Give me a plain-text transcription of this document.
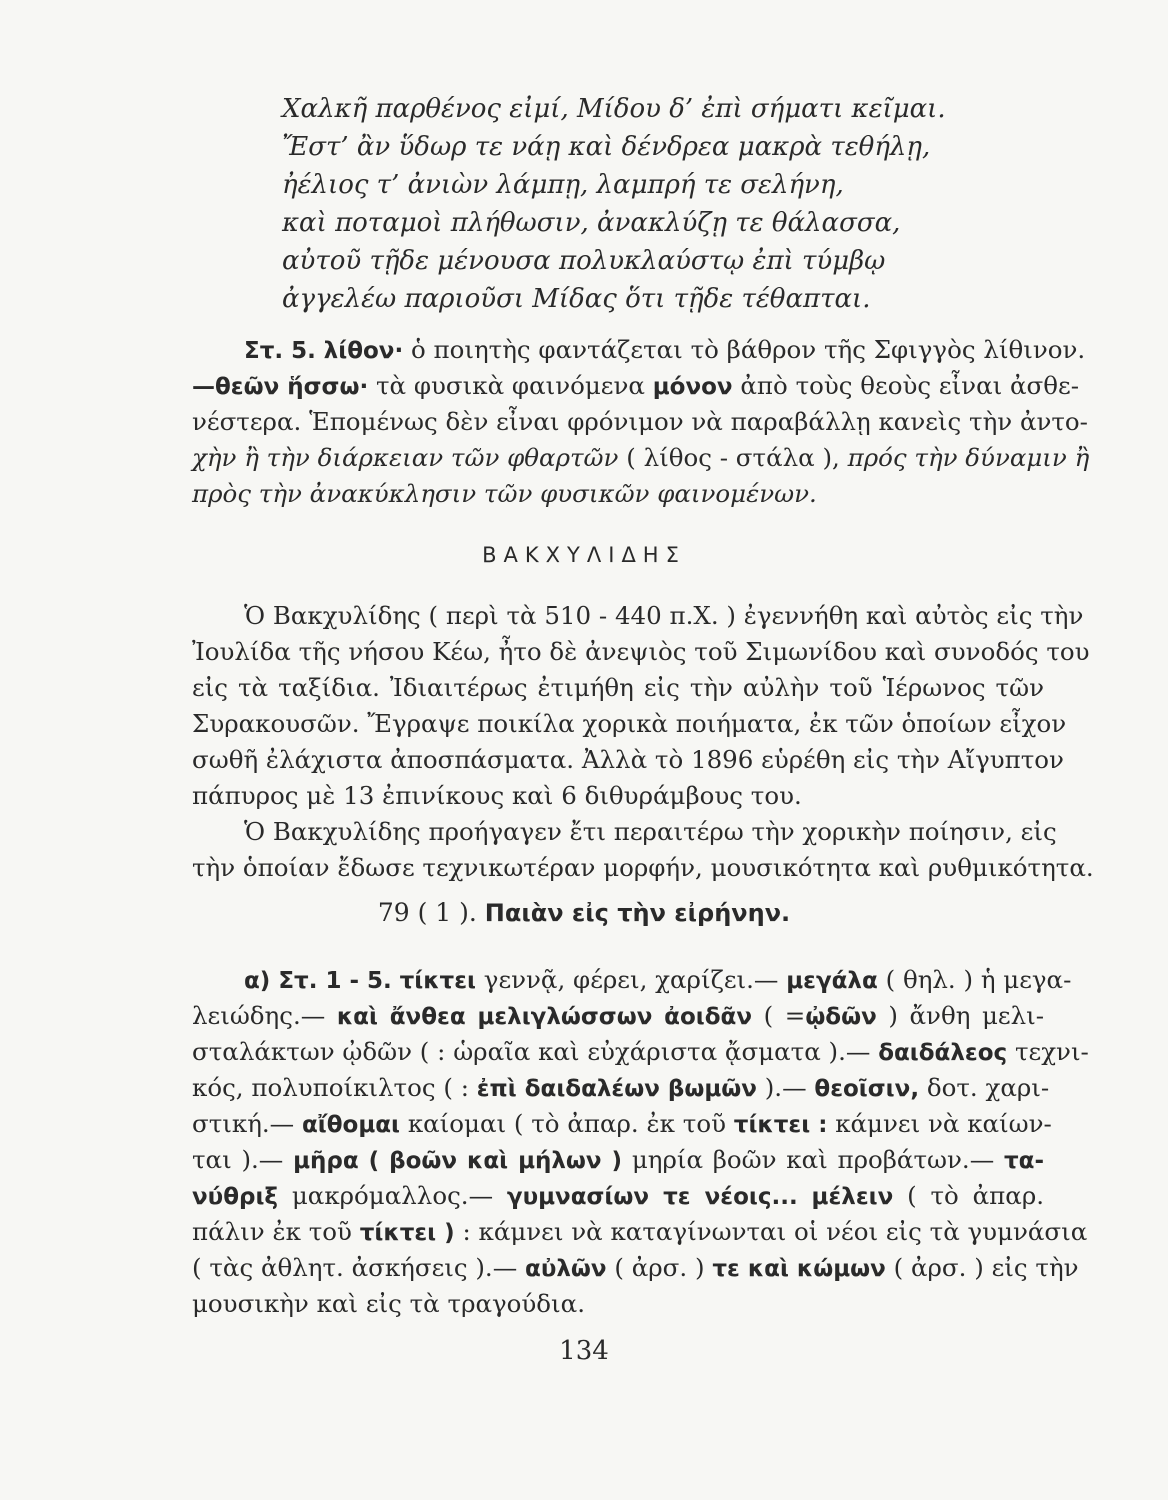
Χαλκῆ παρθένος εἰμί, Μίδου δ’ ἐπὶ σήματι κεῖμαι.
Ἔστ’ ἂν ὕδωρ τε νάῃ καὶ δένδρεα μακρὰ τεθήλῃ,
ἠέλιος τ’ ἀνιὼν λάμπῃ, λαμπρή τε σελήνη,
καὶ ποταμοὶ πλήθωσιν, ἀνακλύζῃ τε θάλασσα,
αὐτοῦ τῇδε μένουσα πολυκλαύστῳ ἐπὶ τύμβῳ
ἀγγελέω παριοῦσι Μίδας ὅτι τῇδε τέθαπται.
Στ. 5. λίθον· ὁ ποιητὴς φαντάζεται τὸ βάθρον τῆς Σφιγγὸς λίθινον.
—θεῶν ἥσσω· τὰ φυσικὰ φαινόμενα μόνον ἀπὸ τοὺς θεοὺς εἶναι ἀσθε-
νέστερα. Ἑπομένως δὲν εἶναι φρόνιμον νὰ παραβάλλῃ κανεὶς τὴν ἀντο-
χὴν ἢ τὴν διάρκειαν τῶν φθαρτῶν ( λίθος - στάλα ), πρός τὴν δύναμιν ἢ
πρὸς τὴν ἀνακύκλησιν τῶν φυσικῶν φαινομένων.
ΒΑΚΧΥΛΙΔΗΣ
Ὁ Βακχυλίδης ( περὶ τὰ 510 - 440 π.Χ. ) ἐγεννήθη καὶ αὐτὸς εἰς τὴν
Ἰουλίδα τῆς νήσου Κέω, ἦτο δὲ ἀνεψιὸς τοῦ Σιμωνίδου καὶ συνοδός του
εἰς τὰ ταξίδια. Ἰδιαιτέρως ἐτιμήθη εἰς τὴν αὐλὴν τοῦ Ἱέρωνος τῶν
Συρακουσῶν. Ἔγραψε ποικίλα χορικὰ ποιήματα, ἐκ τῶν ὁποίων εἶχον
σωθῆ ἐλάχιστα ἀποσπάσματα. Ἀλλὰ τὸ 1896 εὑρέθη εἰς τὴν Αἴγυπτον
πάπυρος μὲ 13 ἐπινίκους καὶ 6 διθυράμβους του.
Ὁ Βακχυλίδης προήγαγεν ἔτι περαιτέρω τὴν χορικὴν ποίησιν, εἰς
τὴν ὁποίαν ἔδωσε τεχνικωτέραν μορφήν, μουσικότητα καὶ ρυθμικότητα.
79 ( 1 ). Παιὰν εἰς τὴν εἰρήνην.
α) Στ. 1 - 5. τίκτει γεννᾷ, φέρει, χαρίζει.— μεγάλα ( θηλ. ) ἡ μεγα-
λειώδης.— καὶ ἄνθεα μελιγλώσσων ἀοιδᾶν ( =ᾠδῶν ) ἄνθη μελι-
σταλάκτων ᾠδῶν ( : ὡραῖα καὶ εὐχάριστα ᾄσματα ).— δαιδάλεος τεχνι-
κός, πολυποίκιλτος ( : ἐπὶ δαιδαλέων βωμῶν ).— θεοῖσιν, δοτ. χαρι-
στική.— αἴθομαι καίομαι ( τὸ ἀπαρ. ἐκ τοῦ τίκτει : κάμνει νὰ καίων-
ται ).— μῆρα ( βοῶν καὶ μήλων ) μηρία βοῶν καὶ προβάτων.— τα-
νύθριξ μακρόμαλλος.— γυμνασίων τε νέοις... μέλειν ( τὸ ἀπαρ.
πάλιν ἐκ τοῦ τίκτει ) : κάμνει νὰ καταγίνωνται οἱ νέοι εἰς τὰ γυμνάσια
( τὰς ἀθλητ. ἀσκήσεις ).— αὐλῶν ( ἀρσ. ) τε καὶ κώμων ( ἀρσ. ) εἰς τὴν
μουσικὴν καὶ εἰς τὰ τραγούδια.
134
